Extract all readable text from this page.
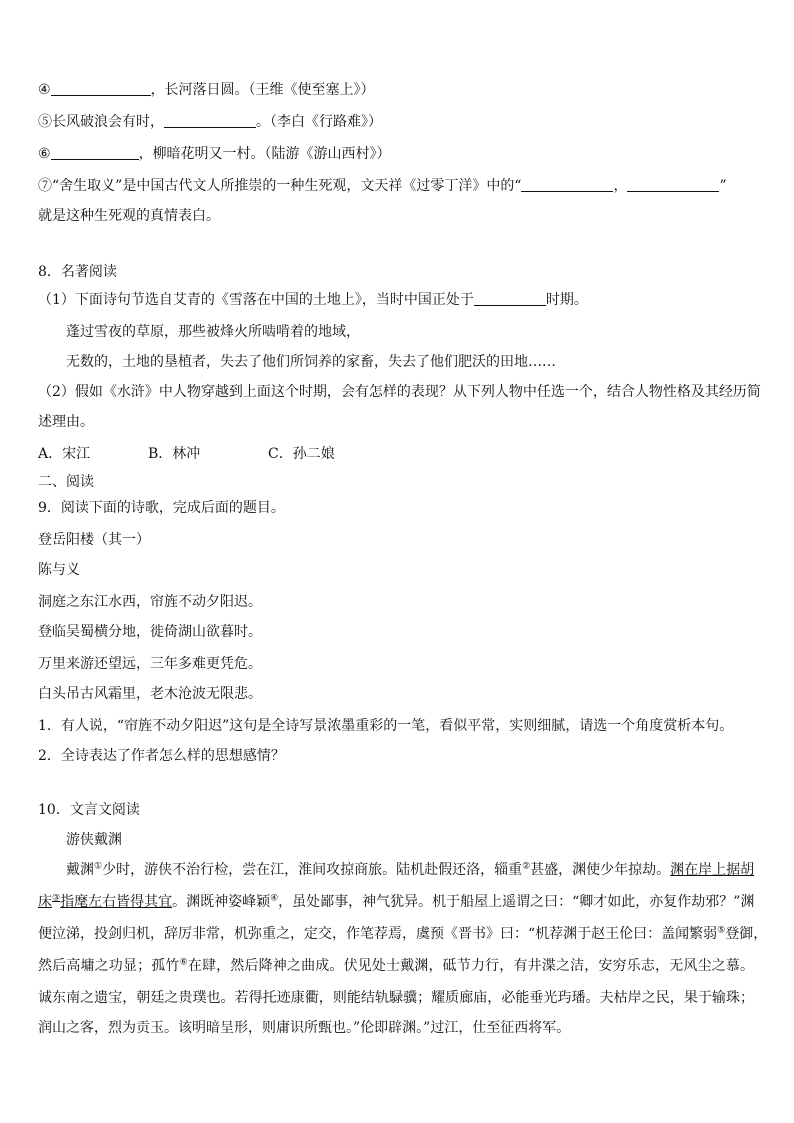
④	，长河落日圆。（王维《使至塞上》）
⑤长风破浪会有时，	。（李白《行路难》）
⑥	，柳暗花明又一村。（陆游《游山西村》）
⑦“舍生取义”是中国古代文人所推崇的一种生死观，文天祥《过零丁洋》中的“	，	”
就是这种生死观的真情表白。
8．名著阅读
（1）下面诗句节选自艾青的《雪落在中国的土地上》，当时中国正处于	时期。
蓬过雪夜的草原，那些被烽火所啮啃着的地域，
无数的，土地的垦植者，失去了他们所饲养的家畜，失去了他们肥沃的田地……
（2）假如《水浒》中人物穿越到上面这个时期，会有怎样的表现？从下列人物中任选一个，结合人物性格及其经历简
述理由。
A．宋江	B．林冲	C．孙二娘
二、阅读
9．阅读下面的诗歌，完成后面的题目。
登岳阳楼（其一）
陈与义
洞庭之东江水西，帘旌不动夕阳迟。
登临吴蜀横分地，徙倚湖山欲暮时。
万里来游还望远，三年多难更凭危。
白头吊古风霜里，老木沧波无限悲。
1．有人说，“帘旌不动夕阳迟”这句是全诗写景浓墨重彩的一笔，看似平常，实则细腻，请选一个角度赏析本句。
2．全诗表达了作者怎么样的思想感情？
10．文言文阅读
游侠戴渊
戴渊①少时，游侠不治行检，尝在江，淮间攻掠商旅。陆机赴假还洛，辎重②甚盛，渊使少年掠劫。渊在岸上据胡
床③指麾左右皆得其宜。渊既神姿峰颖④，虽处鄙事，神气犹异。机于船屋上遥谓之曰：“卿才如此，亦复作劫邪？”渊
便泣涕，投剑归机，辞厉非常，机弥重之，定交，作笔荐焉，虞预《晋书》曰：“机荐渊于赵王伦曰：盖闻繁弱⑤登御，
然后高墉之功显；孤竹⑥在肆，然后降神之曲成。伏见处士戴渊，砥节力行，有井渫之洁，安穷乐志，无风尘之慕。
诚东南之遗宝，朝廷之贵璞也。若得托迹康衢，则能结轨騄骥；耀质廊庙，必能垂光玙璠。夫枯岸之民，果于输珠；
润山之客，烈为贡玉。该明暗呈形，则庸识所甄也。”伦即辟渊。”过江，仕至征西将军。
